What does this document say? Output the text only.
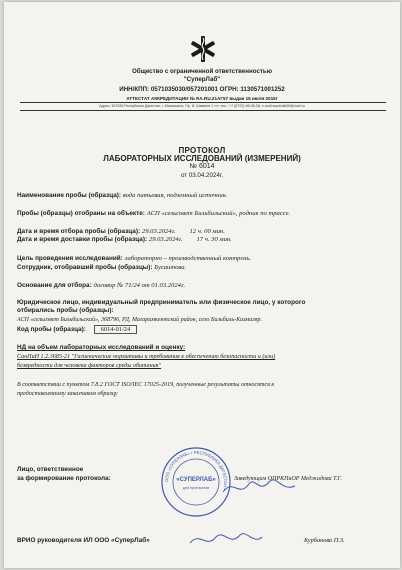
Общество с ограниченной ответственностью
"СуперЛаб"
ИНН/КПП: 0571035030/057201001 ОГРН: 1130571001252
АТТЕСТАТ АККРЕДИТАЦИИ № RA.RU.21АГ57 выдан 15 июля 2015г
Адрес: 367026 Республика Дагестан, г. Махачкала, Пр. И. Шамиля 1 «г» тел.: +7 (8722) 98-98-38, e-mail:superlab05@mail.ru
ПРОТОКОЛ
ЛАБОРАТОРНЫХ ИССЛЕДОВАНИЙ (ИЗМЕРЕНИЙ)
№ 6014
от 03.04.2024г.
Наименование пробы (образца): вода питьевая, подземный источник.
Пробы (образцы) отобраны на объекте: АСП «сельсовет Бильбильский», родник по трассе.
Дата и время отбора пробы (образца): 29.03.2024г. 12 ч. 00 мин.
Дата и время доставки пробы (образца): 29.03.2024г. 17 ч. 30 мин.
Цель проведения исследований: лабораторно – производственный контроль.
Сотрудник, отобравший пробы (образцы): Бусаитова.
Основание для отбора: договор № 71/24 от 01.03.2024г.
Юридическое лицо, индивидуальный предприниматель или физическое лицо, у которого
отбирались пробы (образцы):
АСП «сельсовет Бильбильский», 368796, РД, Магарамкентский район, село Бильбиль-Казмаляр.
Код пробы (образца): 6014-01/24
НД на объем лабораторных исследований и оценку:
СанПиН 1.2.3685-21 "Гигиенические нормативы и требования к обеспечению безопасности и (или)
безвредности для человека факторов среды обитания"
В соответствии с пунктом 7.8.2 ГОСТ ISO/IEC 17025-2019, полученные результаты относятся к
предоставленному заказчиком образцу
Лицо, ответственное
за формирование протокола:	Заведующим ОПРКПиОР Меджидова Т.Г.
ВРИО руководителя ИЛ ООО «СуперЛаб»	Курбанова П.З.
ООО «СУПЕРЛАБ» • РЕСПУБЛИКА ДАГЕСТАН •
«СУПЕРЛАБ»
для протоколов
